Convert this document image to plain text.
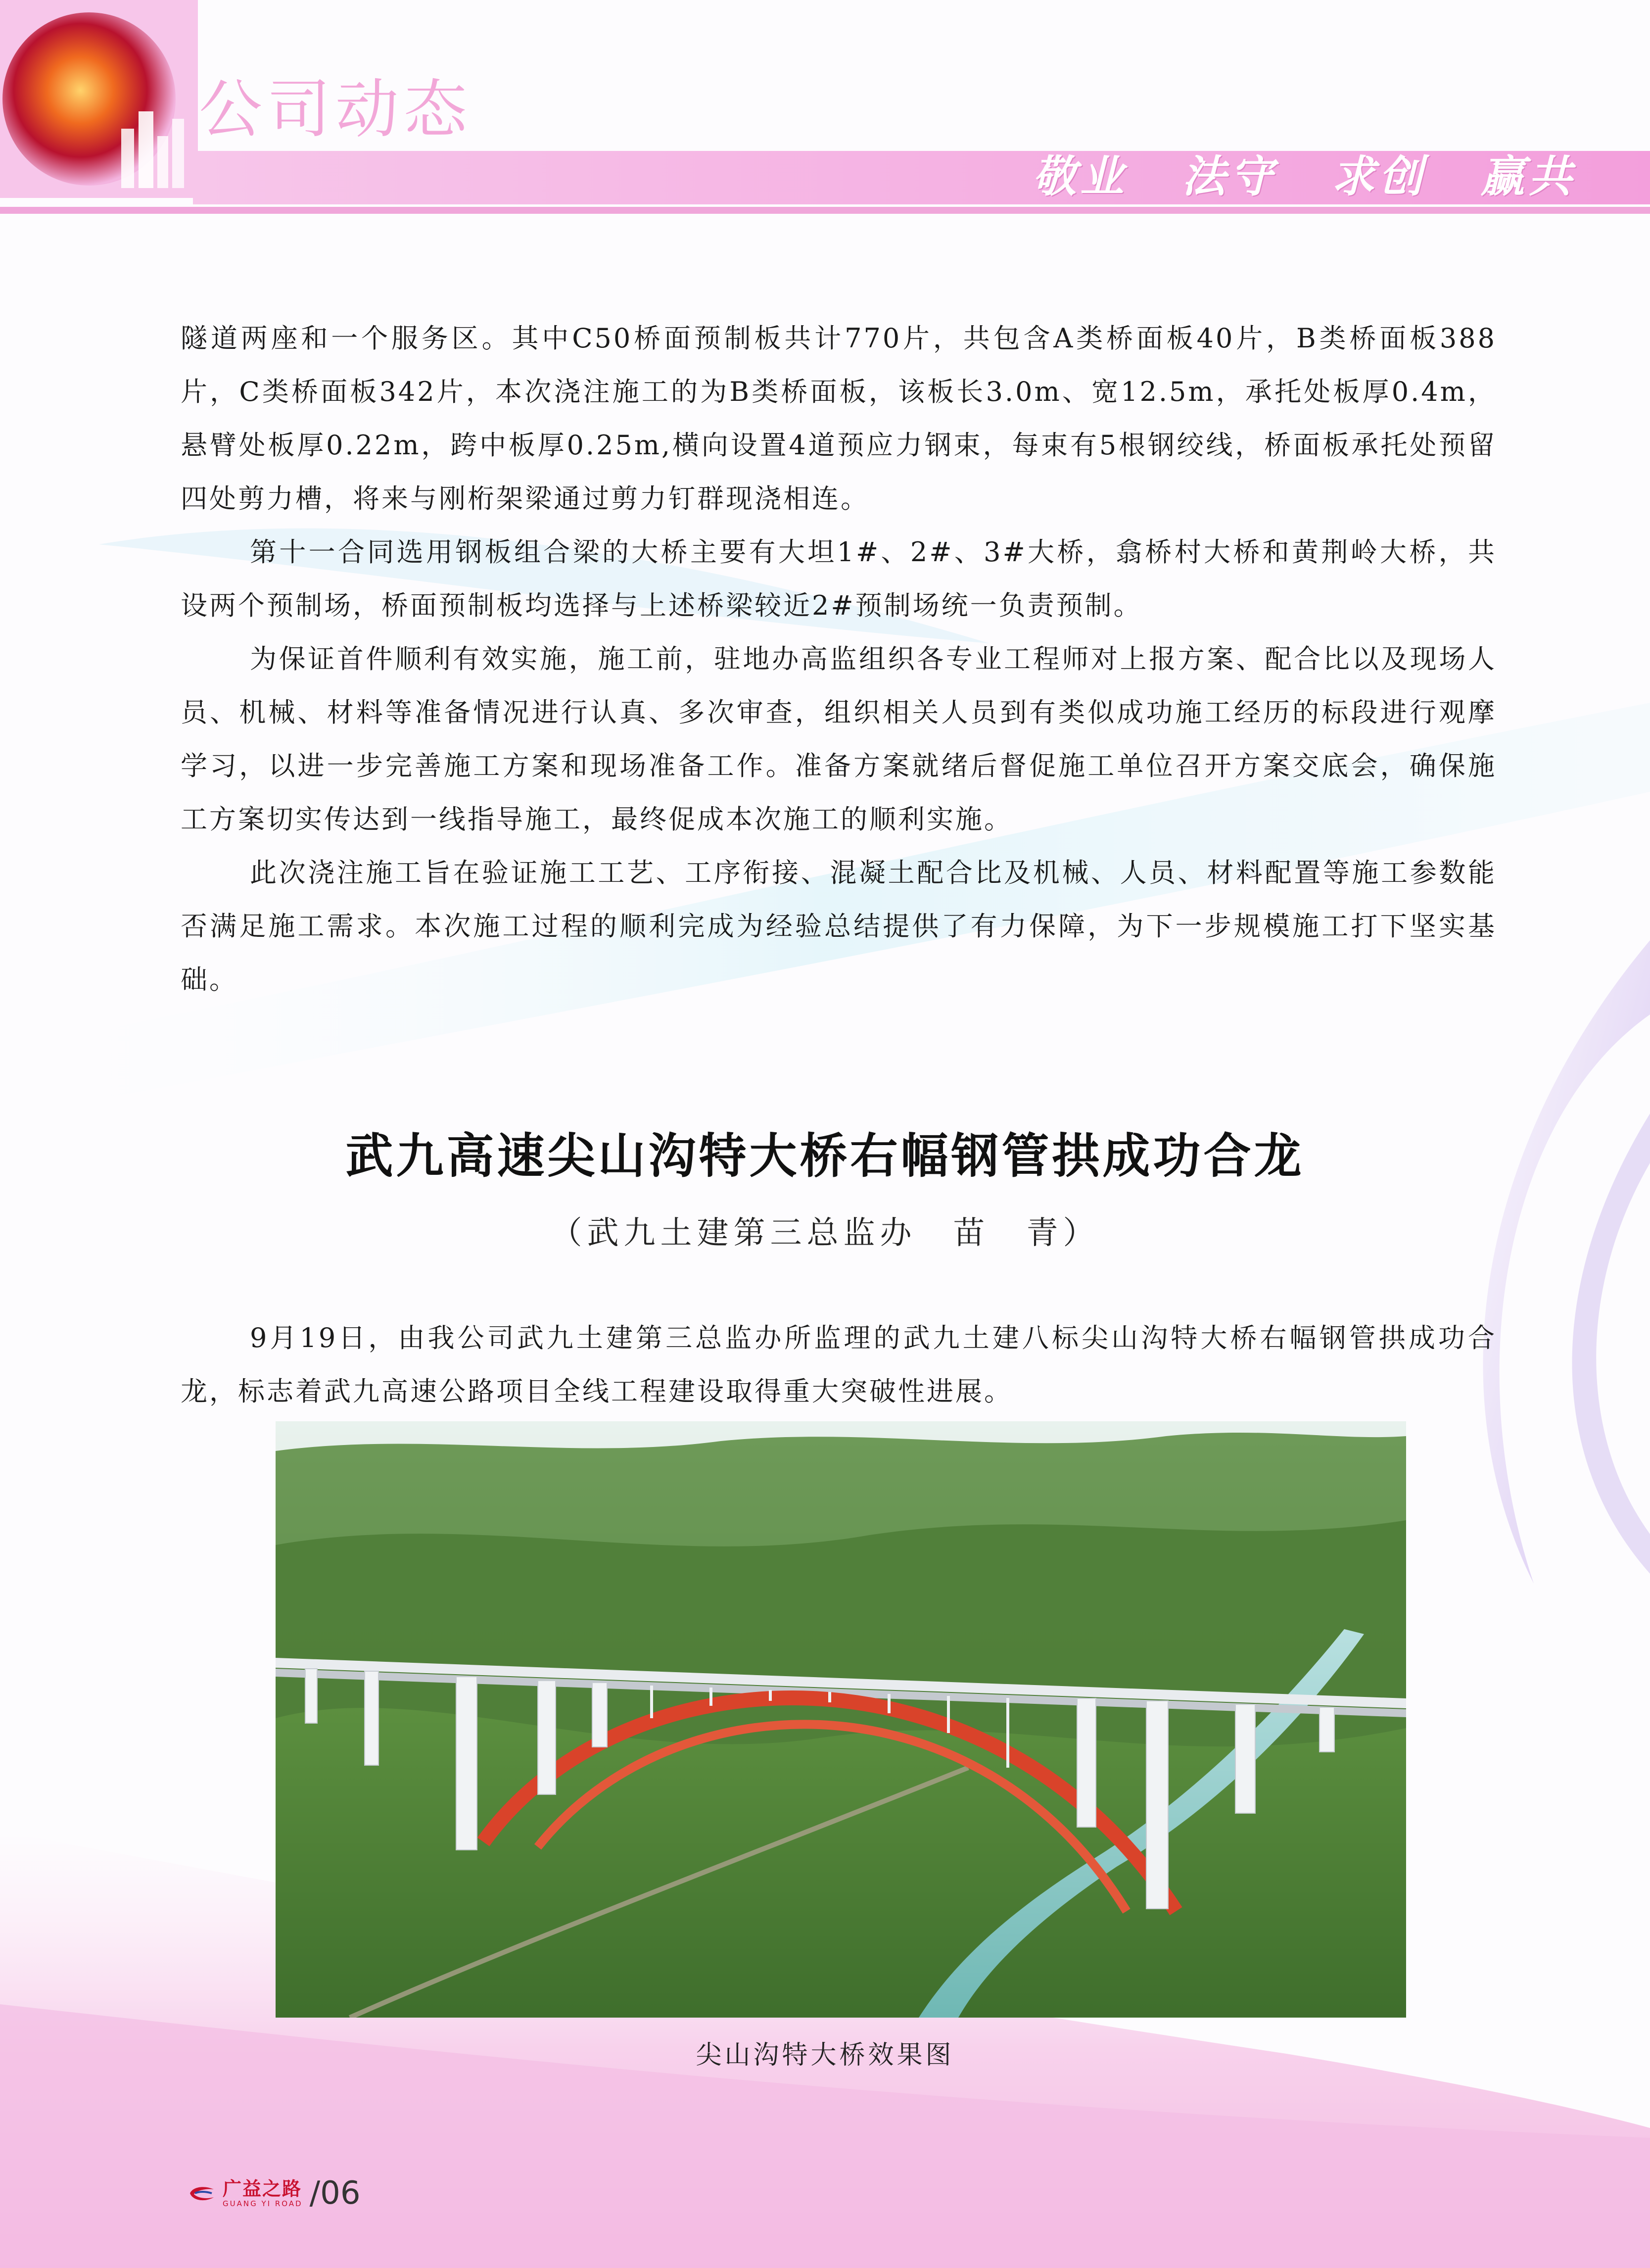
公司动态
敬业 法守 求创 赢共

隧道两座和一个服务区。其中C50桥面预制板共计770片，共包含A类桥面板40片，B类桥面板388片，C类桥面板342片，本次浇注施工的为B类桥面板，该板长3.0m、宽12.5m，承托处板厚0.4m，悬臂处板厚0.22m，跨中板厚0.25m,横向设置4道预应力钢束，每束有5根钢绞线，桥面板承托处预留四处剪力槽，将来与刚桁架梁通过剪力钉群现浇相连。

第十一合同选用钢板组合梁的大桥主要有大坦1#、2#、3#大桥，翕桥村大桥和黄荆岭大桥，共设两个预制场，桥面预制板均选择与上述桥梁较近2#预制场统一负责预制。

为保证首件顺利有效实施，施工前，驻地办高监组织各专业工程师对上报方案、配合比以及现场人员、机械、材料等准备情况进行认真、多次审查，组织相关人员到有类似成功施工经历的标段进行观摩学习，以进一步完善施工方案和现场准备工作。准备方案就绪后督促施工单位召开方案交底会，确保施工方案切实传达到一线指导施工，最终促成本次施工的顺利实施。

此次浇注施工旨在验证施工工艺、工序衔接、混凝土配合比及机械、人员、材料配置等施工参数能否满足施工需求。本次施工过程的顺利完成为经验总结提供了有力保障，为下一步规模施工打下坚实基础。

武九高速尖山沟特大桥右幅钢管拱成功合龙
（武九土建第三总监办　苗　青）

9月19日，由我公司武九土建第三总监办所监理的武九土建八标尖山沟特大桥右幅钢管拱成功合龙，标志着武九高速公路项目全线工程建设取得重大突破性进展。

尖山沟特大桥效果图
广益之路
GUANG YI ROAD /06
